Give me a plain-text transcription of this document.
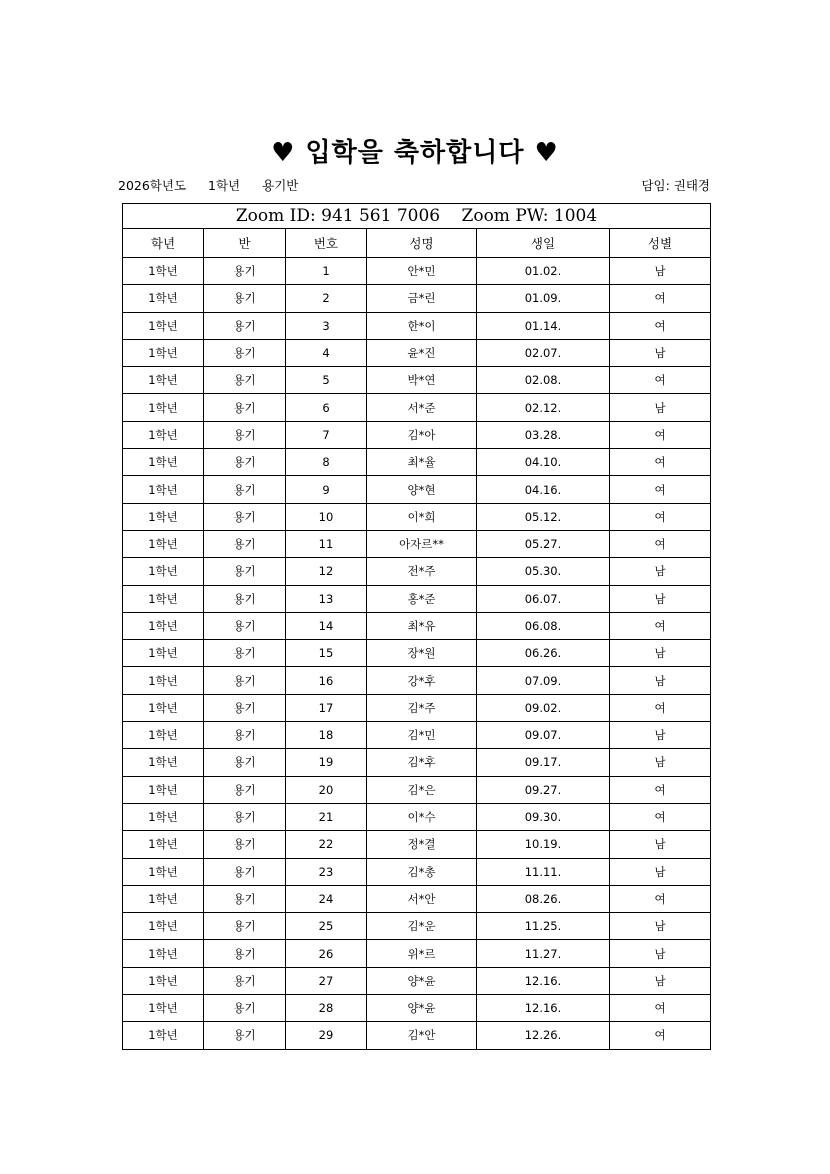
♥ 입학을 축하합니다 ♥
2026학년도 1학년 용기반	담임: 권태경
Zoom ID: 941 561 7006 Zoom PW: 1004					
학년	반	번호	성명	생일	성별
1학년	용기	1	안*민	01.02.	남
1학년	용기	2	금*린	01.09.	여
1학년	용기	3	한*이	01.14.	여
1학년	용기	4	윤*진	02.07.	남
1학년	용기	5	박*연	02.08.	여
1학년	용기	6	서*준	02.12.	남
1학년	용기	7	김*아	03.28.	여
1학년	용기	8	최*율	04.10.	여
1학년	용기	9	양*현	04.16.	여
1학년	용기	10	이*희	05.12.	여
1학년	용기	11	아자르**	05.27.	여
1학년	용기	12	전*주	05.30.	남
1학년	용기	13	홍*준	06.07.	남
1학년	용기	14	최*유	06.08.	여
1학년	용기	15	장*원	06.26.	남
1학년	용기	16	강*후	07.09.	남
1학년	용기	17	김*주	09.02.	여
1학년	용기	18	김*민	09.07.	남
1학년	용기	19	김*후	09.17.	남
1학년	용기	20	김*은	09.27.	여
1학년	용기	21	이*수	09.30.	여
1학년	용기	22	정*결	10.19.	남
1학년	용기	23	김*총	11.11.	남
1학년	용기	24	서*안	08.26.	여
1학년	용기	25	김*운	11.25.	남
1학년	용기	26	위*르	11.27.	남
1학년	용기	27	양*윤	12.16.	남
1학년	용기	28	양*윤	12.16.	여
1학년	용기	29	김*안	12.26.	여
